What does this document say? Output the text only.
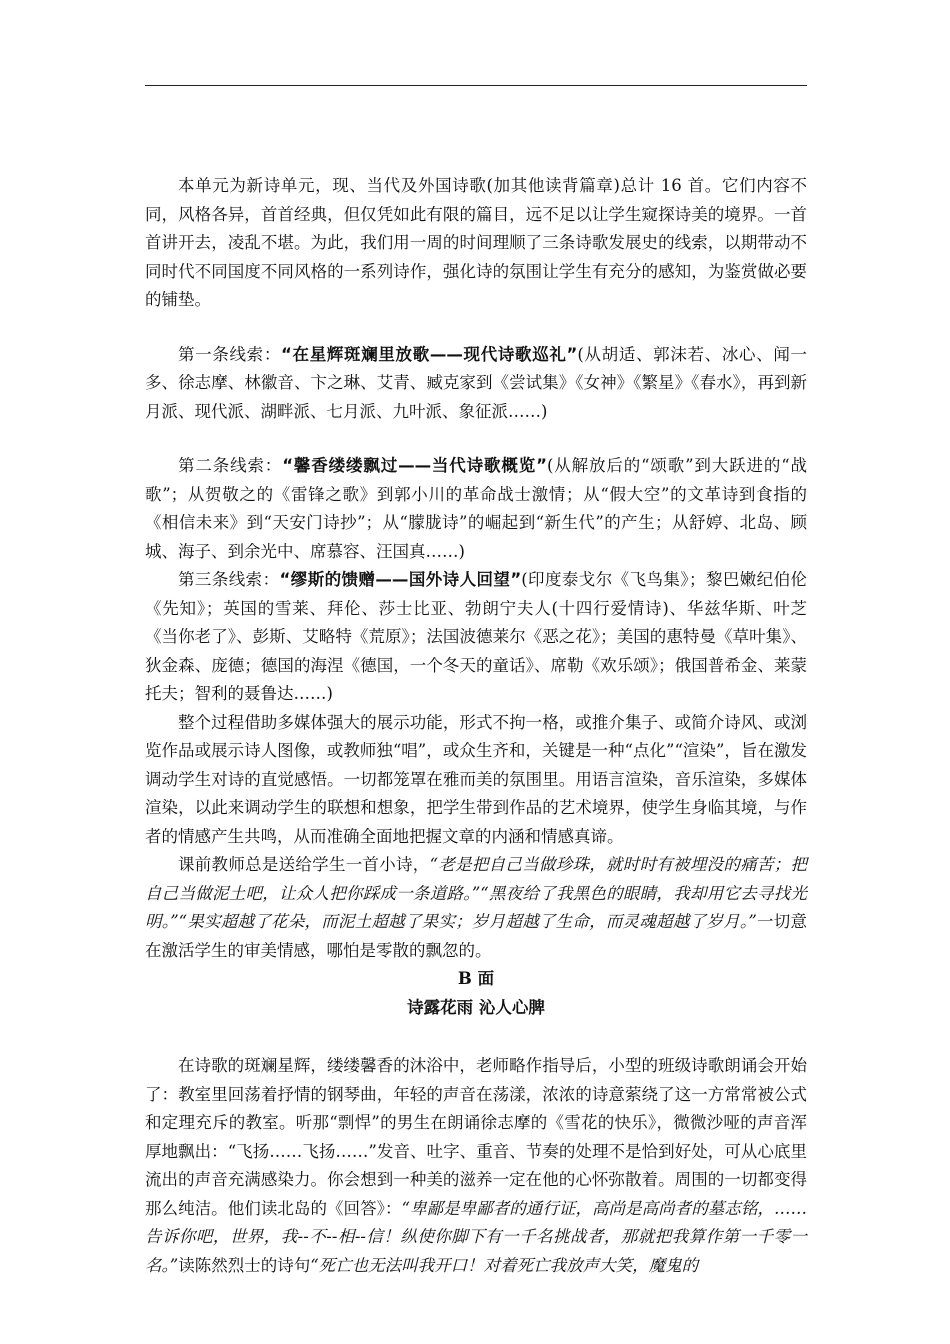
本单元为新诗单元，现、当代及外国诗歌(加其他读背篇章)总计 16 首。它们内容不同，风格各异，首首经典，但仅凭如此有限的篇目，远不足以让学生窥探诗美的境界。一首首讲开去，凌乱不堪。为此，我们用一周的时间理顺了三条诗歌发展史的线索，以期带动不同时代不同国度不同风格的一系列诗作，强化诗的氛围让学生有充分的感知，为鉴赏做必要的铺垫。

第一条线索：“在星辉斑斓里放歌——现代诗歌巡礼”(从胡适、郭沫若、冰心、闻一多、徐志摩、林徽音、卞之琳、艾青、臧克家到《尝试集》《女神》《繁星》《春水》，再到新月派、现代派、湖畔派、七月派、九叶派、象征派……)

第二条线索：“馨香缕缕飘过——当代诗歌概览”(从解放后的“颂歌”到大跃进的“战歌”；从贺敬之的《雷锋之歌》到郭小川的革命战士激情；从“假大空”的文革诗到食指的《相信未来》到“天安门诗抄”；从“朦胧诗”的崛起到“新生代”的产生；从舒婷、北岛、顾城、海子、到余光中、席慕容、汪国真……)

第三条线索：“缪斯的馈赠——国外诗人回望”(印度泰戈尔《飞鸟集》；黎巴嫩纪伯伦《先知》；英国的雪莱、拜伦、莎士比亚、勃朗宁夫人(十四行爱情诗)、华兹华斯、叶芝《当你老了》、彭斯、艾略特《荒原》；法国波德莱尔《恶之花》；美国的惠特曼《草叶集》、狄金森、庞德；德国的海涅《德国，一个冬天的童话》、席勒《欢乐颂》；俄国普希金、莱蒙托夫；智利的聂鲁达……)

整个过程借助多媒体强大的展示功能，形式不拘一格，或推介集子、或简介诗风、或浏览作品或展示诗人图像，或教师独“唱”，或众生齐和，关键是一种“点化”“渲染”，旨在激发调动学生对诗的直觉感悟。一切都笼罩在雅而美的氛围里。用语言渲染，音乐渲染，多媒体渲染，以此来调动学生的联想和想象，把学生带到作品的艺术境界，使学生身临其境，与作者的情感产生共鸣，从而准确全面地把握文章的内涵和情感真谛。

课前教师总是送给学生一首小诗，“老是把自己当做珍珠，就时时有被埋没的痛苦；把自己当做泥土吧，让众人把你踩成一条道路。”“黑夜给了我黑色的眼睛，我却用它去寻找光明。”“果实超越了花朵，而泥土超越了果实；岁月超越了生命，而灵魂超越了岁月。”一切意在激活学生的审美情感，哪怕是零散的飘忽的。

B 面

诗露花雨 沁人心脾

在诗歌的斑斓星辉，缕缕馨香的沐浴中，老师略作指导后，小型的班级诗歌朗诵会开始了：教室里回荡着抒情的钢琴曲，年轻的声音在荡漾，浓浓的诗意萦绕了这一方常常被公式和定理充斥的教室。听那“剽悍”的男生在朗诵徐志摩的《雪花的快乐》，微微沙哑的声音浑厚地飘出：“飞扬……飞扬……”发音、吐字、重音、节奏的处理不是恰到好处，可从心底里流出的声音充满感染力。你会想到一种美的滋养一定在他的心怀弥散着。周围的一切都变得那么纯洁。他们读北岛的《回答》：“卑鄙是卑鄙者的通行证，高尚是高尚者的墓志铭，……告诉你吧，世界，我--不--相--信！纵使你脚下有一千名挑战者，那就把我算作第一千零一名。”读陈然烈士的诗句“死亡也无法叫我开口！对着死亡我放声大笑，魔鬼的
